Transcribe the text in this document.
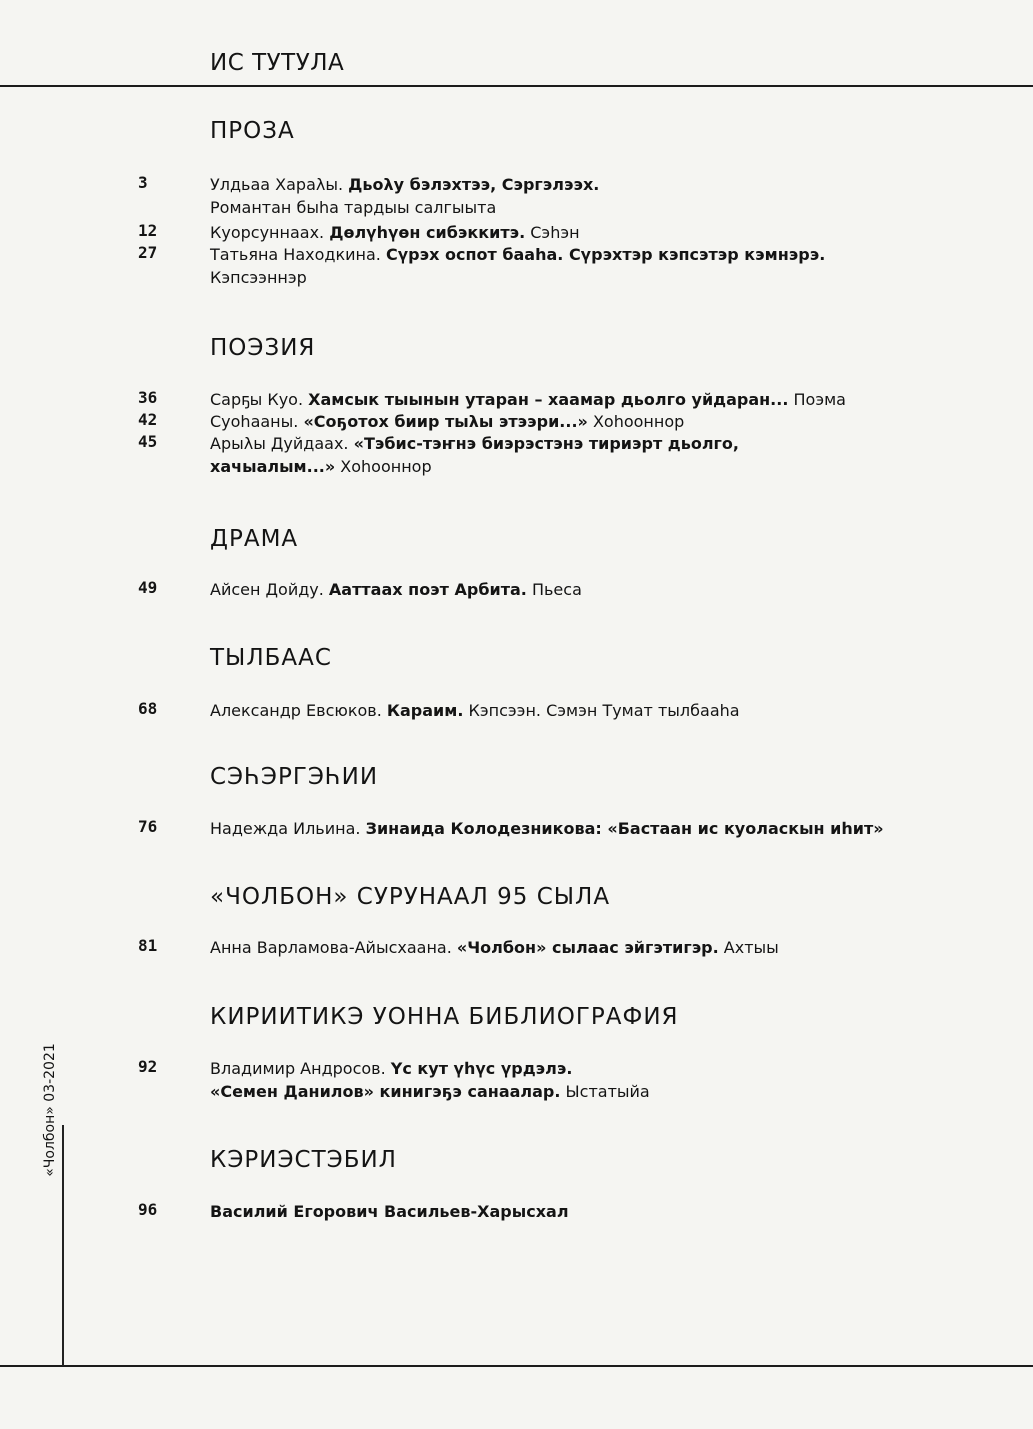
ИС ТУТУЛА
ПРОЗА
3	Улдьаа Хараλы. Дьоλу бэлэхтээ, Сэргэлээх.
Романтан быhа тардыы салгыыта
12	Куорсуннаах. Дөлүһүөн сибэккитэ. Сэhэн
27	Татьяна Находкина. Сүрэх оспот бааhа. Сүрэхтэр кэпсэтэр кэмнэрэ.
Кэпсээннэр
ПОЭЗИЯ
36	Сарҕы Куо. Хамсык тыынын утаран – хаамар дьолго уйдаран... Поэма
42	Суоhааны. «Соҕотох биир тыλы этээри...» Хоhооннор
45	Арыλы Дуйдаах. «Тэбис-тэҥнэ биэрэстэнэ тириэрт дьолго,
хачыалым...» Хоhооннор
ДРАМА
49	Айсен Дойду. Ааттаах поэт Арбита. Пьеса
ТЫЛБААС
68	Александр Евсюков. Караим. Кэпсээн. Сэмэн Тумат тылбааhа
СЭҺЭРГЭҺИИ
76	Надежда Ильина. Зинаида Колодезникова: «Бастаан ис куоласкын иһит»
«ЧОЛБОН» СУРУНААЛ 95 СЫЛА
81	Анна Варламова-Айысхаана. «Чолбон» сылаас эйгэтигэр. Ахтыы
КИРИИТИКЭ УОННА БИБЛИОГРАФИЯ
92	Владимир Андросов. Үс кут үһүс үрдэлэ.
«Семен Данилов» кинигэҕэ санаалар. Ыстатыйа
КЭРИЭСТЭБИЛ
96	Василий Егорович Васильев-Харысхал
«Чолбон» 03-2021
